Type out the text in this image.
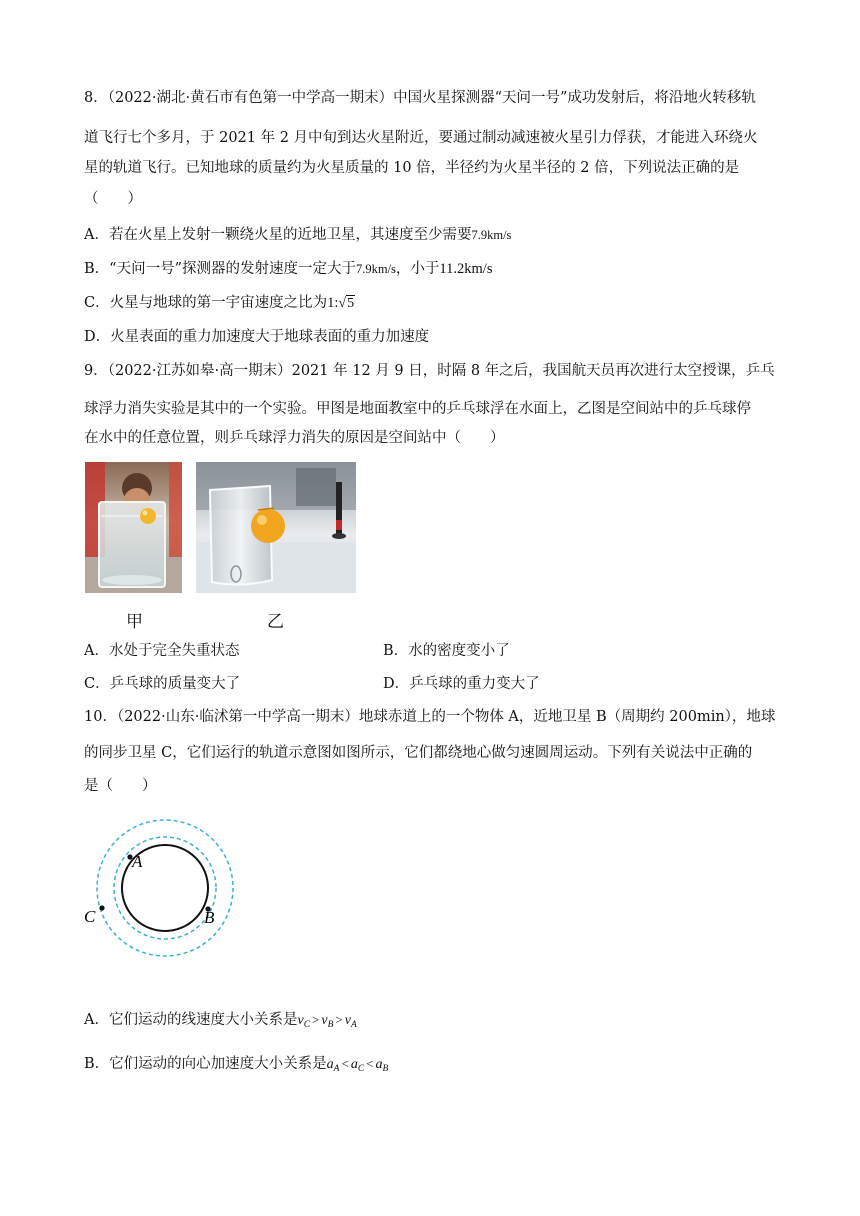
8．（2022·湖北·黄石市有色第一中学高一期末）中国火星探测器“天问一号”成功发射后，将沿地火转移轨
道飞行七个多月，于 2021 年 2 月中旬到达火星附近，要通过制动减速被火星引力俘获，才能进入环绕火
星的轨道飞行。已知地球的质量约为火星质量的 10 倍，半径约为火星半径的 2 倍，下列说法正确的是
（　　）
A．若在火星上发射一颗绕火星的近地卫星，其速度至少需要7.9km/s
B．“天问一号”探测器的发射速度一定大于7.9km/s，小于11.2km/s
C．火星与地球的第一宇宙速度之比为1:√5
D．火星表面的重力加速度大于地球表面的重力加速度
9．（2022·江苏如皋·高一期末）2021 年 12 月 9 日，时隔 8 年之后，我国航天员再次进行太空授课，乒乓
球浮力消失实验是其中的一个实验。甲图是地面教室中的乒乓球浮在水面上，乙图是空间站中的乒乓球停
在水中的任意位置，则乒乓球浮力消失的原因是空间站中（　　）
甲	乙
A．水处于完全失重状态	B．水的密度变小了
C．乒乓球的质量变大了	D．乒乓球的重力变大了
10．（2022·山东·临沭第一中学高一期末）地球赤道上的一个物体 A，近地卫星 B（周期约 200min），地球
的同步卫星 C，它们运行的轨道示意图如图所示，它们都绕地心做匀速圆周运动。下列有关说法中正确的
是（　　）
A
B
C
A．它们运动的线速度大小关系是$v_C > v_B > v_A$
B．它们运动的向心加速度大小关系是$a_A < a_C < a_B$
